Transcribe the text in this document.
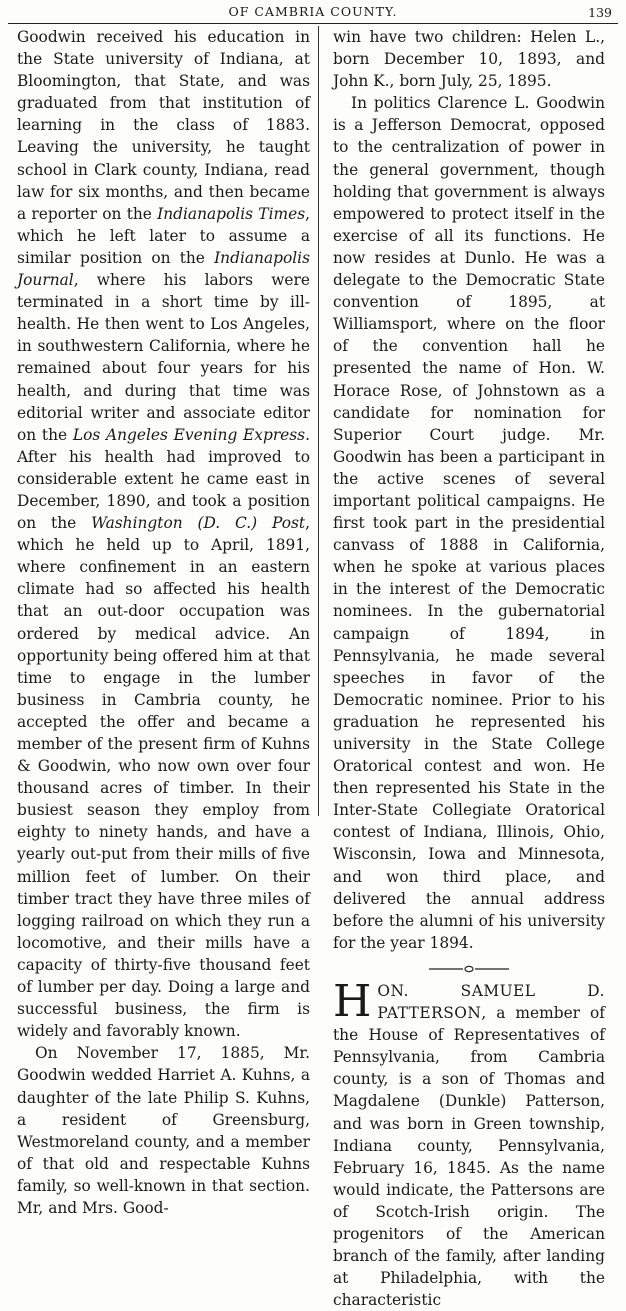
OF CAMBRIA COUNTY.	139

Goodwin received his education in the State university of Indiana, at Bloomington, that State, and was graduated from that institution of learning in the class of 1883. Leaving the university, he taught school in Clark county, Indiana, read law for six months, and then became a reporter on the Indianapolis Times, which he left later to assume a similar position on the Indianapolis Journal, where his labors were terminated in a short time by ill-health. He then went to Los Angeles, in southwestern California, where he remained about four years for his health, and during that time was editorial writer and associate editor on the Los Angeles Evening Express. After his health had improved to considerable extent he came east in December, 1890, and took a position on the Washington (D. C.) Post, which he held up to April, 1891, where confinement in an eastern climate had so affected his health that an out-door occupation was ordered by medical advice. An opportunity being offered him at that time to engage in the lumber business in Cambria county, he accepted the offer and became a member of the present firm of Kuhns & Goodwin, who now own over four thousand acres of timber. In their busiest season they employ from eighty to ninety hands, and have a yearly out-put from their mills of five million feet of lumber. On their timber tract they have three miles of logging railroad on which they run a locomotive, and their mills have a capacity of thirty-five thousand feet of lumber per day. Doing a large and successful business, the firm is widely and favorably known.

On November 17, 1885, Mr. Goodwin wedded Harriet A. Kuhns, a daughter of the late Philip S. Kuhns, a resident of Greensburg, Westmoreland county, and a member of that old and respectable Kuhns family, so well-known in that section. Mr, and Mrs. Good-

win have two children: Helen L., born December 10, 1893, and John K., born July, 25, 1895.

In politics Clarence L. Goodwin is a Jefferson Democrat, opposed to the centralization of power in the general government, though holding that government is always empowered to protect itself in the exercise of all its functions. He now resides at Dunlo. He was a delegate to the Democratic State convention of 1895, at Williamsport, where on the floor of the convention hall he presented the name of Hon. W. Horace Rose, of Johnstown as a candidate for nomination for Superior Court judge. Mr. Goodwin has been a participant in the active scenes of several important political campaigns. He first took part in the presidential canvass of 1888 in California, when he spoke at various places in the interest of the Democratic nominees. In the gubernatorial campaign of 1894, in Pennsylvania, he made several speeches in favor of the Democratic nominee. Prior to his graduation he represented his university in the State College Oratorical contest and won. He then represented his State in the Inter-State Collegiate Oratorical contest of Indiana, Illinois, Ohio, Wisconsin, Iowa and Minnesota, and won third place, and delivered the annual address before the alumni of his university for the year 1894.

HON. SAMUEL D. PATTERSON, a member of the House of Representatives of Pennsylvania, from Cambria county, is a son of Thomas and Magdalene (Dunkle) Patterson, and was born in Green township, Indiana county, Pennsylvania, February 16, 1845. As the name would indicate, the Pattersons are of Scotch-Irish origin. The progenitors of the American branch of the family, after landing at Philadelphia, with the characteristic
